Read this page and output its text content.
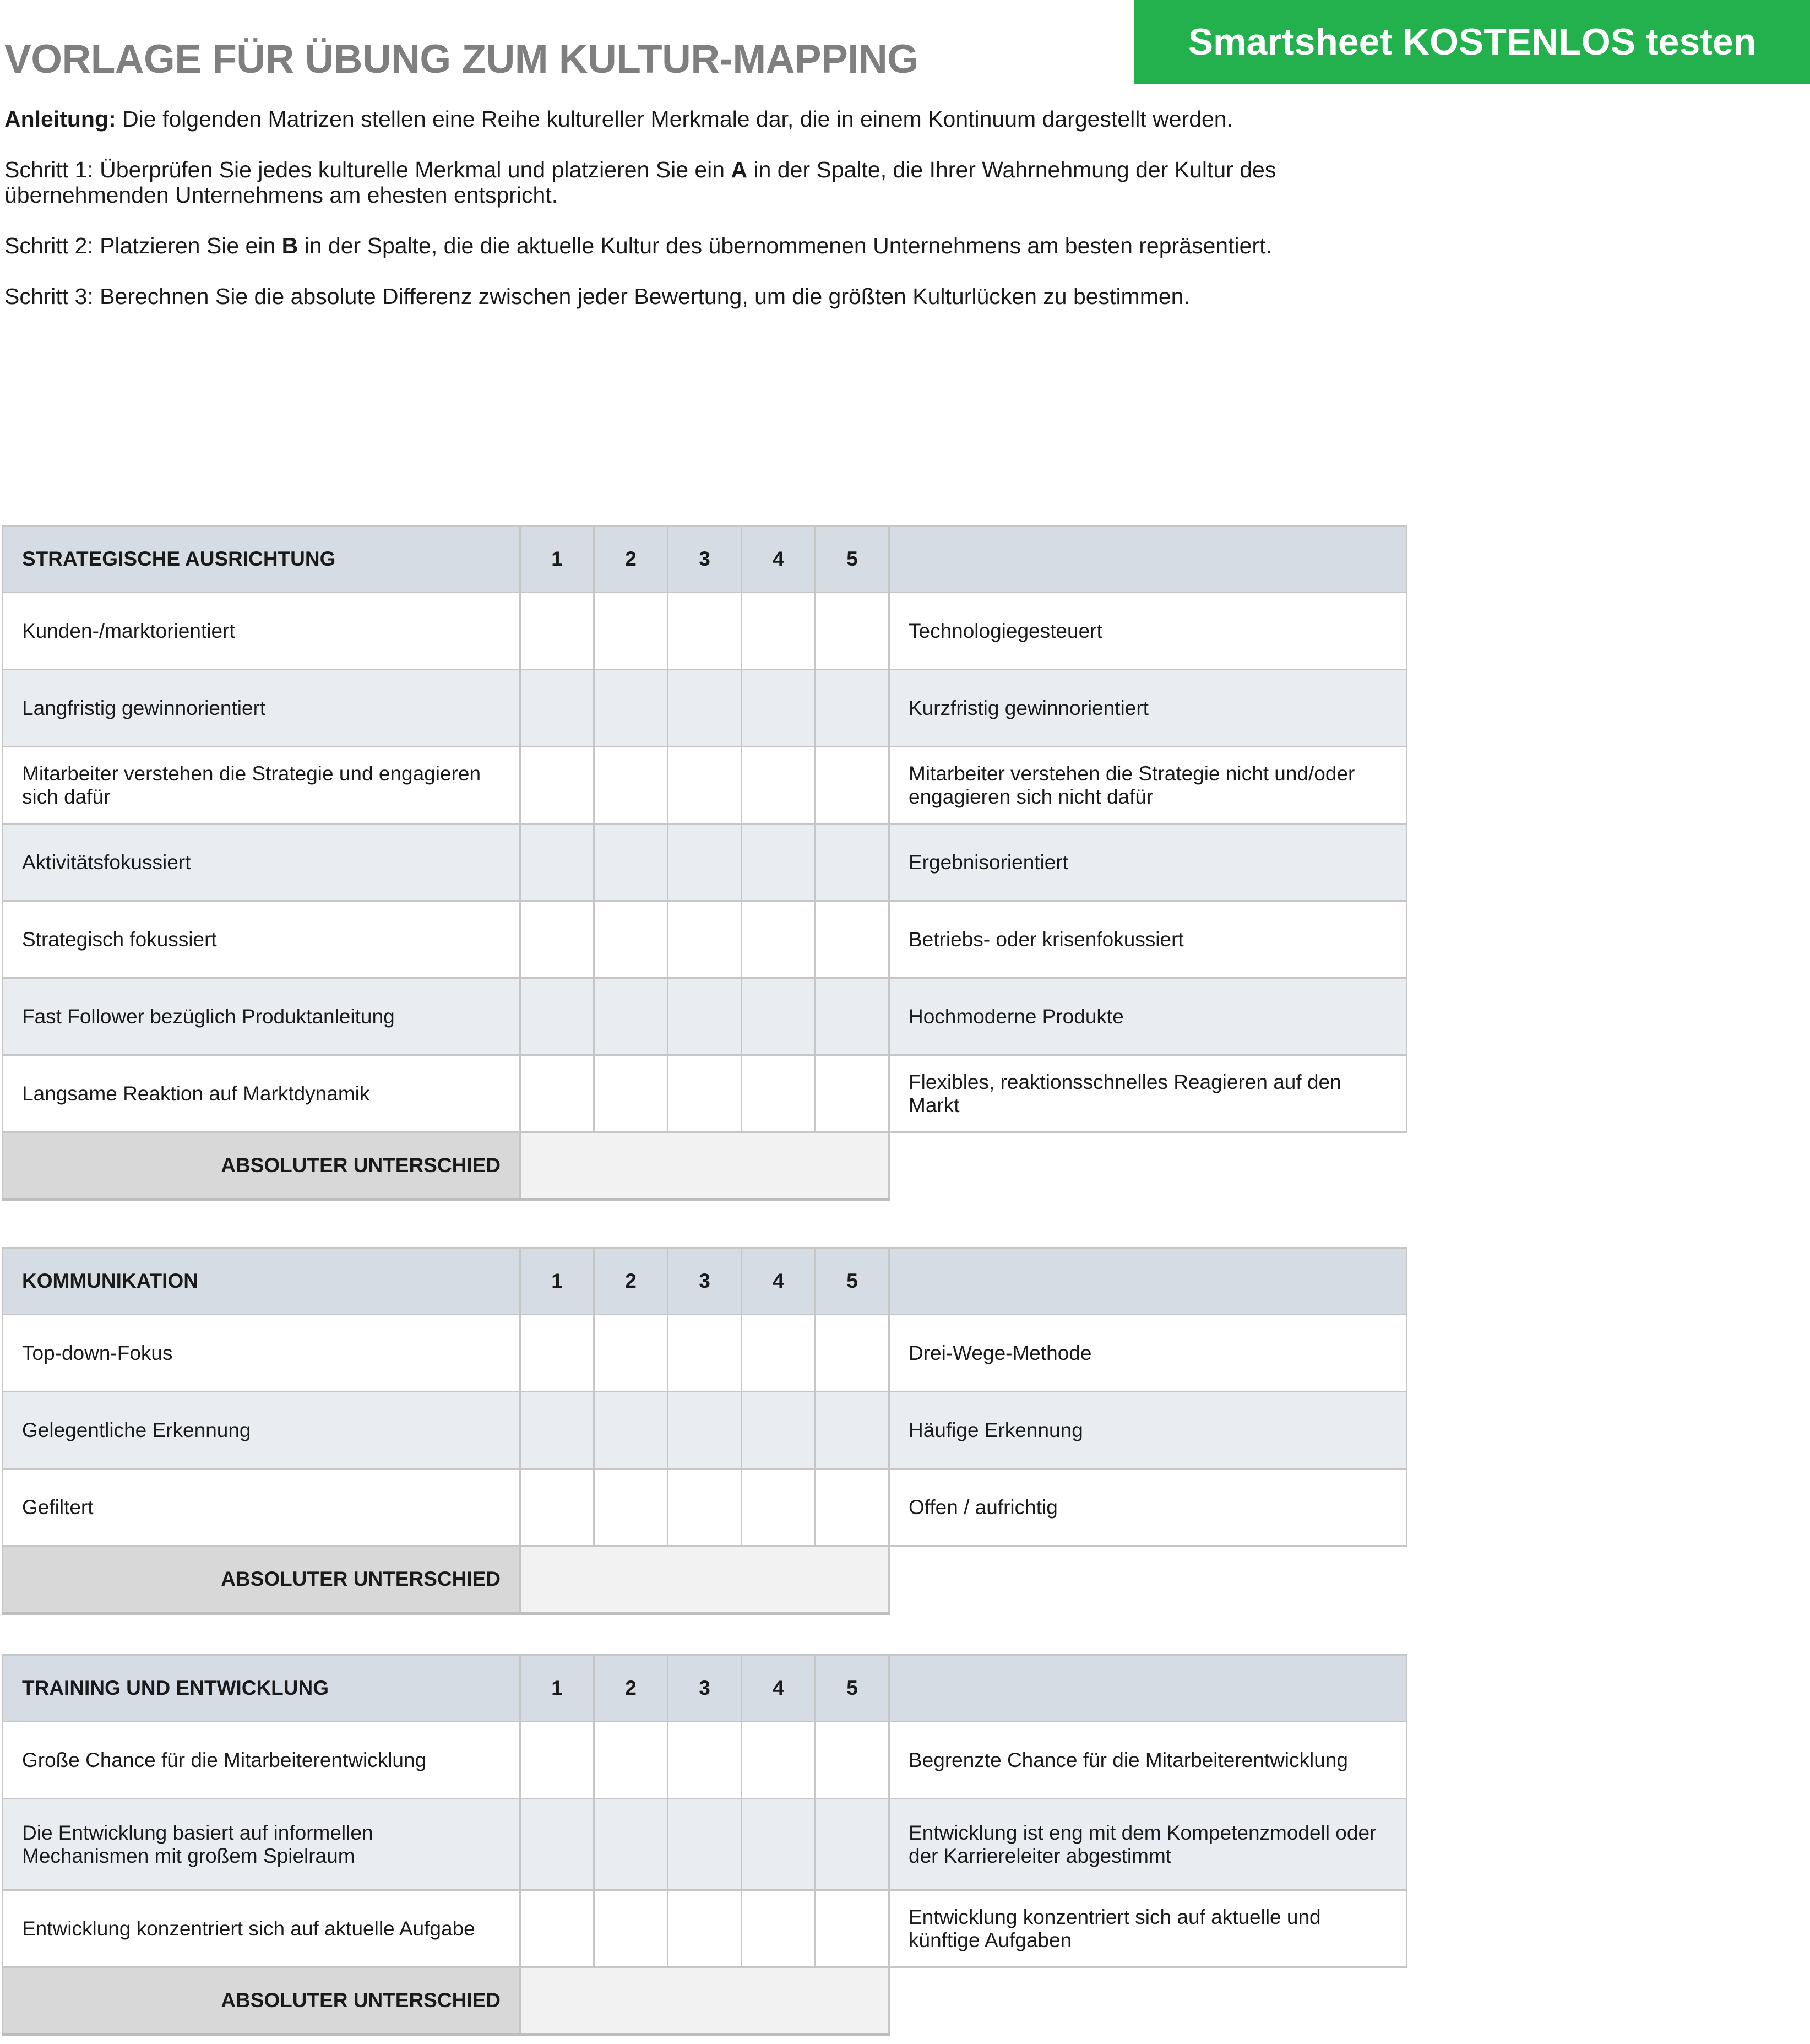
Smartsheet KOSTENLOS testen
VORLAGE FÜR ÜBUNG ZUM KULTUR-MAPPING
Anleitung: Die folgenden Matrizen stellen eine Reihe kultureller Merkmale dar, die in einem Kontinuum dargestellt werden.
Schritt 1: Überprüfen Sie jedes kulturelle Merkmal und platzieren Sie ein A in der Spalte, die Ihrer Wahrnehmung der Kultur des übernehmenden Unternehmens am ehesten entspricht.
Schritt 2: Platzieren Sie ein B in der Spalte, die die aktuelle Kultur des übernommenen Unternehmens am besten repräsentiert.
Schritt 3: Berechnen Sie die absolute Differenz zwischen jeder Bewertung, um die größten Kulturlücken zu bestimmen.
STRATEGISCHE AUSRICHTUNG	1	2	3	4	5	
Kunden-/marktorientiert						Technologiegesteuert
Langfristig gewinnorientiert						Kurzfristig gewinnorientiert
Mitarbeiter verstehen die Strategie und engagieren sich dafür						Mitarbeiter verstehen die Strategie nicht und/oder engagieren sich nicht dafür
Aktivitätsfokussiert						Ergebnisorientiert
Strategisch fokussiert						Betriebs- oder krisenfokussiert
Fast Follower bezüglich Produktanleitung						Hochmoderne Produkte
Langsame Reaktion auf Marktdynamik						Flexibles, reaktionsschnelles Reagieren auf den Markt
ABSOLUTER UNTERSCHIED						
KOMMUNIKATION	1	2	3	4	5	
Top-down-Fokus						Drei-Wege-Methode
Gelegentliche Erkennung						Häufige Erkennung
Gefiltert						Offen / aufrichtig
ABSOLUTER UNTERSCHIED						
TRAINING UND ENTWICKLUNG	1	2	3	4	5	
Große Chance für die Mitarbeiterentwicklung						Begrenzte Chance für die Mitarbeiterentwicklung
Die Entwicklung basiert auf informellen Mechanismen mit großem Spielraum						Entwicklung ist eng mit dem Kompetenzmodell oder der Karriereleiter abgestimmt
Entwicklung konzentriert sich auf aktuelle Aufgabe						Entwicklung konzentriert sich auf aktuelle und künftige Aufgaben
ABSOLUTER UNTERSCHIED						
